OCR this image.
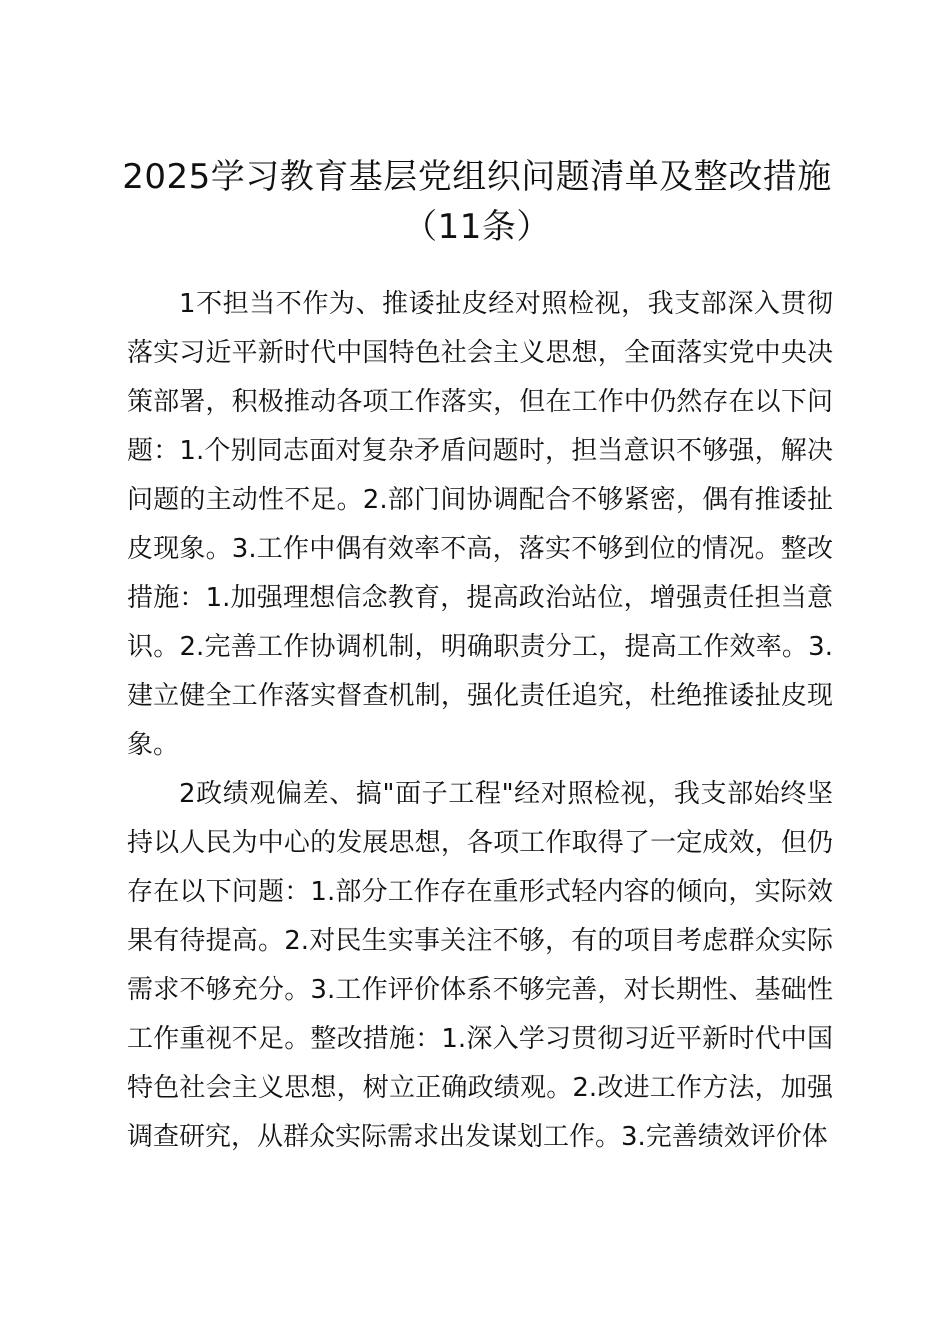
2025学习教育基层党组织问题清单及整改措施（11条）

1不担当不作为、推诿扯皮经对照检视，我支部深入贯彻落实习近平新时代中国特色社会主义思想，全面落实党中央决策部署，积极推动各项工作落实，但在工作中仍然存在以下问题：1.个别同志面对复杂矛盾问题时，担当意识不够强，解决问题的主动性不足。2.部门间协调配合不够紧密，偶有推诿扯皮现象。3.工作中偶有效率不高，落实不够到位的情况。整改措施：1.加强理想信念教育，提高政治站位，增强责任担当意识。2.完善工作协调机制，明确职责分工，提高工作效率。3.建立健全工作落实督查机制，强化责任追究，杜绝推诿扯皮现象。

2政绩观偏差、搞"面子工程"经对照检视，我支部始终坚持以人民为中心的发展思想，各项工作取得了一定成效，但仍存在以下问题：1.部分工作存在重形式轻内容的倾向，实际效果有待提高。2.对民生实事关注不够，有的项目考虑群众实际需求不够充分。3.工作评价体系不够完善，对长期性、基础性工作重视不足。整改措施：1.深入学习贯彻习近平新时代中国特色社会主义思想，树立正确政绩观。2.改进工作方法，加强调查研究，从群众实际需求出发谋划工作。3.完善绩效评价体
